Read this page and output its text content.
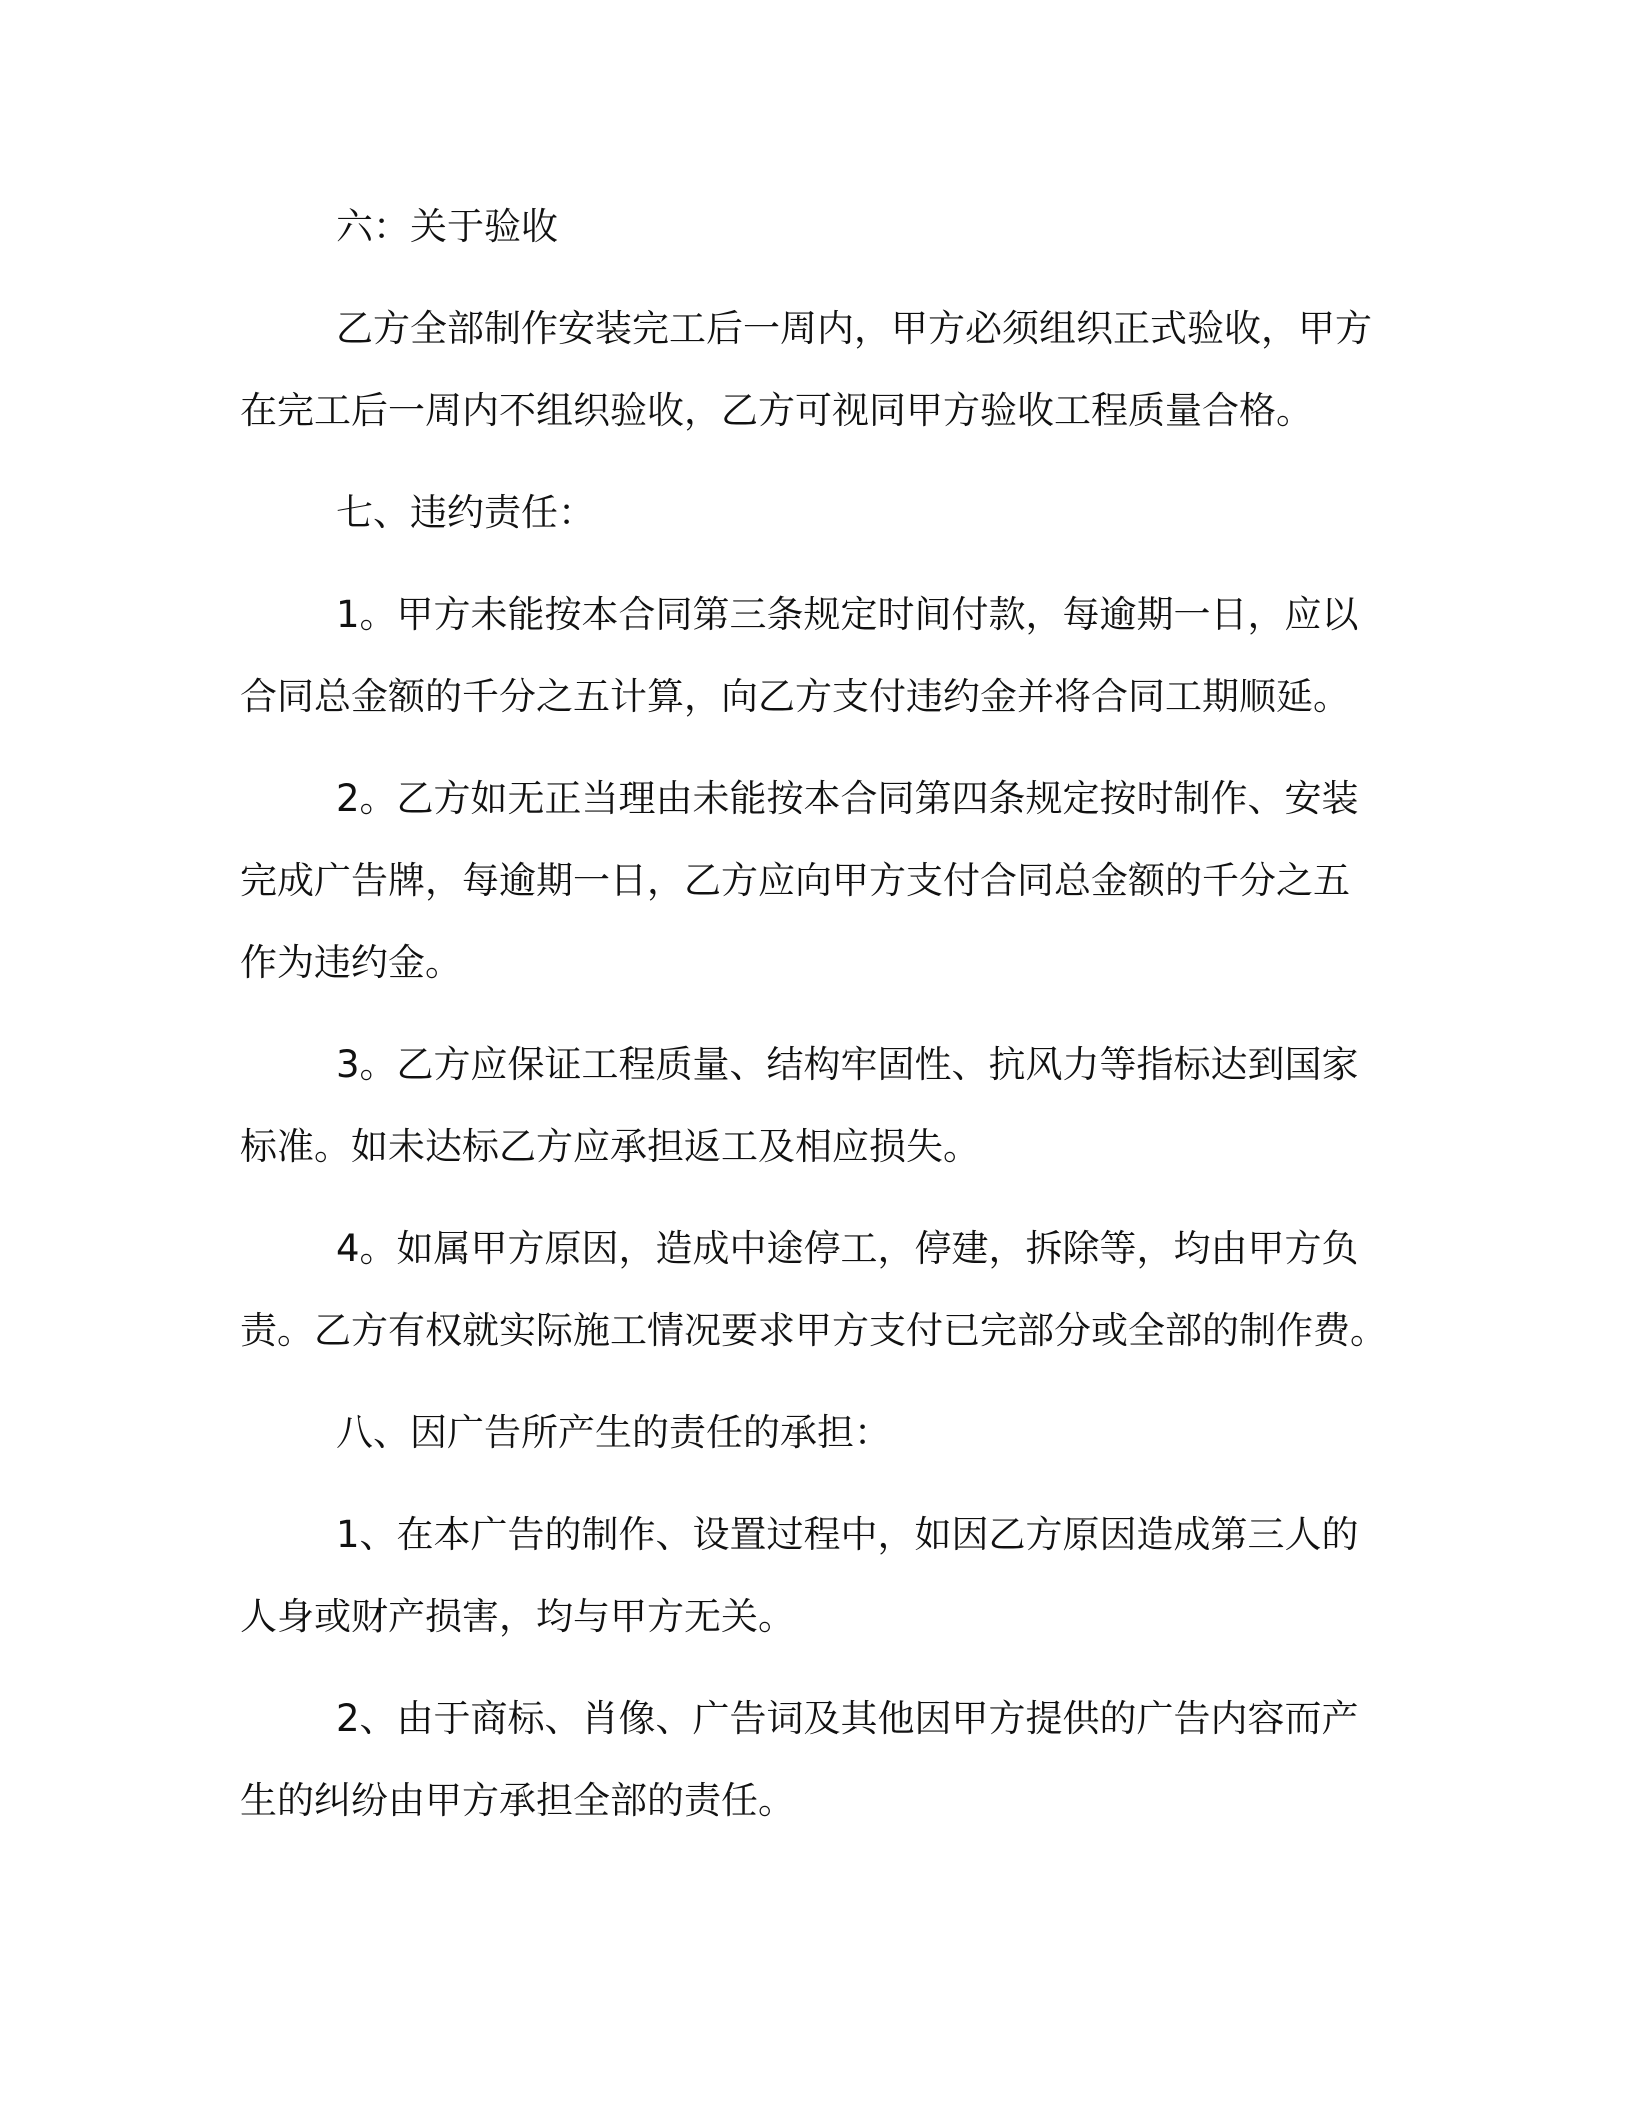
六：关于验收

乙方全部制作安装完工后一周内，甲方必须组织正式验收，甲方
在完工后一周内不组织验收，乙方可视同甲方验收工程质量合格。

七、违约责任：

1。甲方未能按本合同第三条规定时间付款，每逾期一日，应以
合同总金额的千分之五计算，向乙方支付违约金并将合同工期顺延。

2。乙方如无正当理由未能按本合同第四条规定按时制作、安装
完成广告牌，每逾期一日，乙方应向甲方支付合同总金额的千分之五
作为违约金。

3。乙方应保证工程质量、结构牢固性、抗风力等指标达到国家
标准。如未达标乙方应承担返工及相应损失。

4。如属甲方原因，造成中途停工，停建，拆除等，均由甲方负
责。乙方有权就实际施工情况要求甲方支付已完部分或全部的制作费。

八、因广告所产生的责任的承担：

1、在本广告的制作、设置过程中，如因乙方原因造成第三人的
人身或财产损害，均与甲方无关。

2、由于商标、肖像、广告词及其他因甲方提供的广告内容而产
生的纠纷由甲方承担全部的责任。
